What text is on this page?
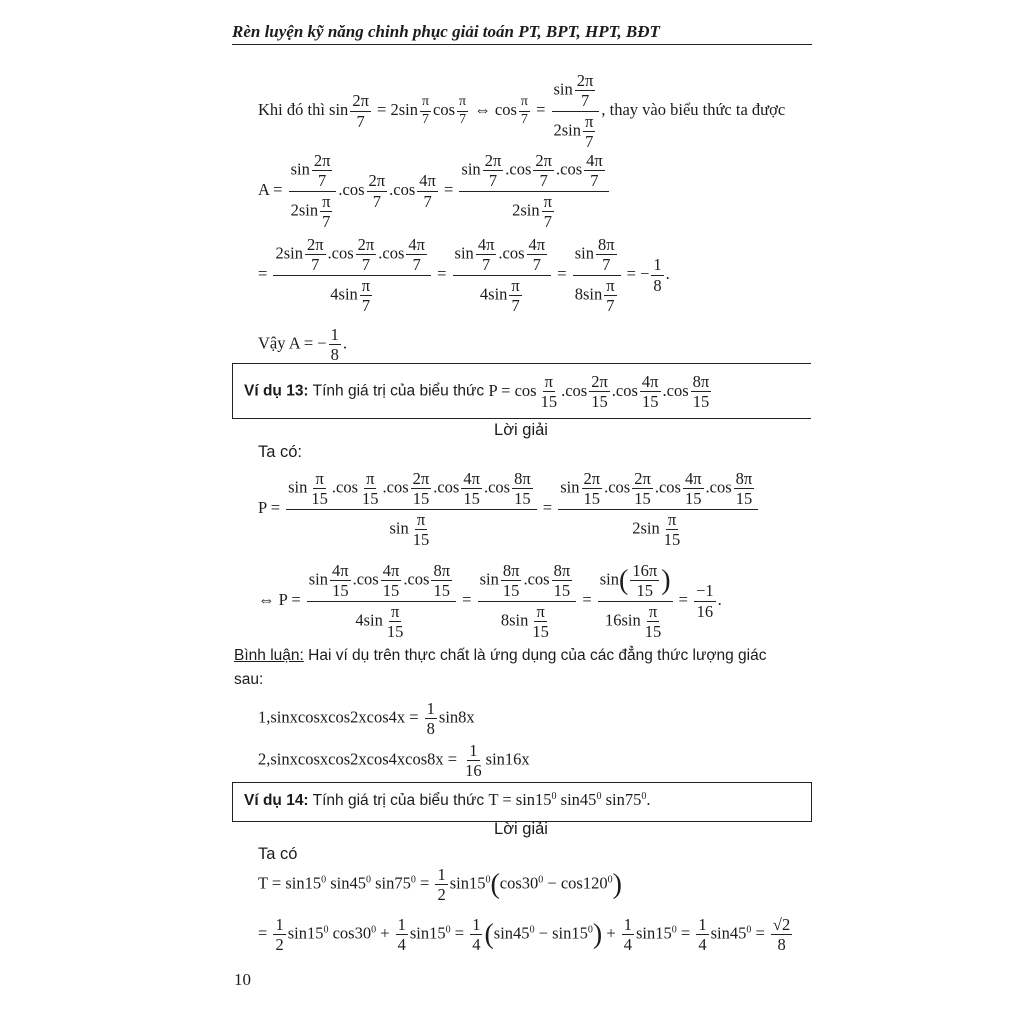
Rèn luyện kỹ năng chinh phục giải toán PT, BPT, HPT, BĐT
Khi đó thì $\sin \frac{2\pi}{7} = 2\sin \frac{\pi}{7}$ $\cos \frac{\pi}{7}$ ⇔ $\cos \frac{\pi}{7} = \frac{\sin \frac{2\pi}{7}}{2\sin \frac{\pi}{7}}$ , thay vào biểu thức ta được
$A = \frac{\sin \frac{2\pi}{7}}{2\sin \frac{\pi}{7}} .\cos \frac{2\pi}{7} .\cos \frac{4\pi}{7} = \frac{\sin \frac{2\pi}{7} .\cos \frac{2\pi}{7} .\cos \frac{4\pi}{7}}{2\sin \frac{\pi}{7}}$
= $\frac{2\sin \frac{2\pi}{7} .\cos \frac{2\pi}{7} .\cos \frac{4\pi}{7}}{4\sin \frac{\pi}{7}} = \frac{\sin \frac{4\pi}{7} .\cos \frac{4\pi}{7}}{4\sin \frac{\pi}{7}} = \frac{\sin \frac{8\pi}{7}}{8\sin \frac{\pi}{7}}$ = − $\frac{1}{8}$ .
Vậy A = − $\frac{1}{8}$ .
Ví dụ 13: Tính giá trị của biểu thức $P = \cos \frac{\pi}{15} .\cos \frac{2\pi}{15} .\cos \frac{4\pi}{15} .\cos \frac{8\pi}{15}$
Lời giải
Ta có:
$P = \frac{\sin \frac{\pi}{15} .\cos \frac{\pi}{15} .\cos \frac{2\pi}{15} .\cos \frac{4\pi}{15} .\cos \frac{8\pi}{15}}{\sin \frac{\pi}{15}} = \frac{\sin \frac{2\pi}{15} .\cos \frac{2\pi}{15} .\cos \frac{4\pi}{15} .\cos \frac{8\pi}{15}}{2\sin \frac{\pi}{15}}$
⇔ $P = \frac{\sin \frac{4\pi}{15} .\cos \frac{4\pi}{15} .\cos \frac{8\pi}{15}}{4\sin \frac{\pi}{15}} = \frac{\sin \frac{8\pi}{15} .\cos \frac{8\pi}{15}}{8\sin \frac{\pi}{15}} = \frac{\sin( \frac{16\pi}{15} )}{16\sin \frac{\pi}{15}} = \frac{-1}{16}$ .
Bình luận: Hai ví dụ trên thực chất là ứng dụng của các đẳng thức lượng giác
sau:
1,sinxcosxcos2xcos4x = $\frac{1}{8} \sin 8x$
2,sinxcosxcos2xcos4xcos8x = $\frac{1}{16} \sin 16x$
Ví dụ 14: Tính giá trị của biểu thức $T = \sin 15^0$ $\sin 45^0$ $\sin 75^0$.
Lời giải
Ta có
$T = \sin 15^0$ $\sin 45^0$ $\sin 75^0 = \frac{1}{2} \sin 15^0(\cos 30^0 - \cos 120^0)$
= $\frac{1}{2} \sin 15^0$ $\cos 30^0 + \frac{1}{4} \sin 15^0 = \frac{1}{4} (\sin 45^0 - \sin 15^0) + \frac{1}{4} \sin 15^0 = \frac{1}{4} \sin 45^0 = \frac{√2}{8}$
10
